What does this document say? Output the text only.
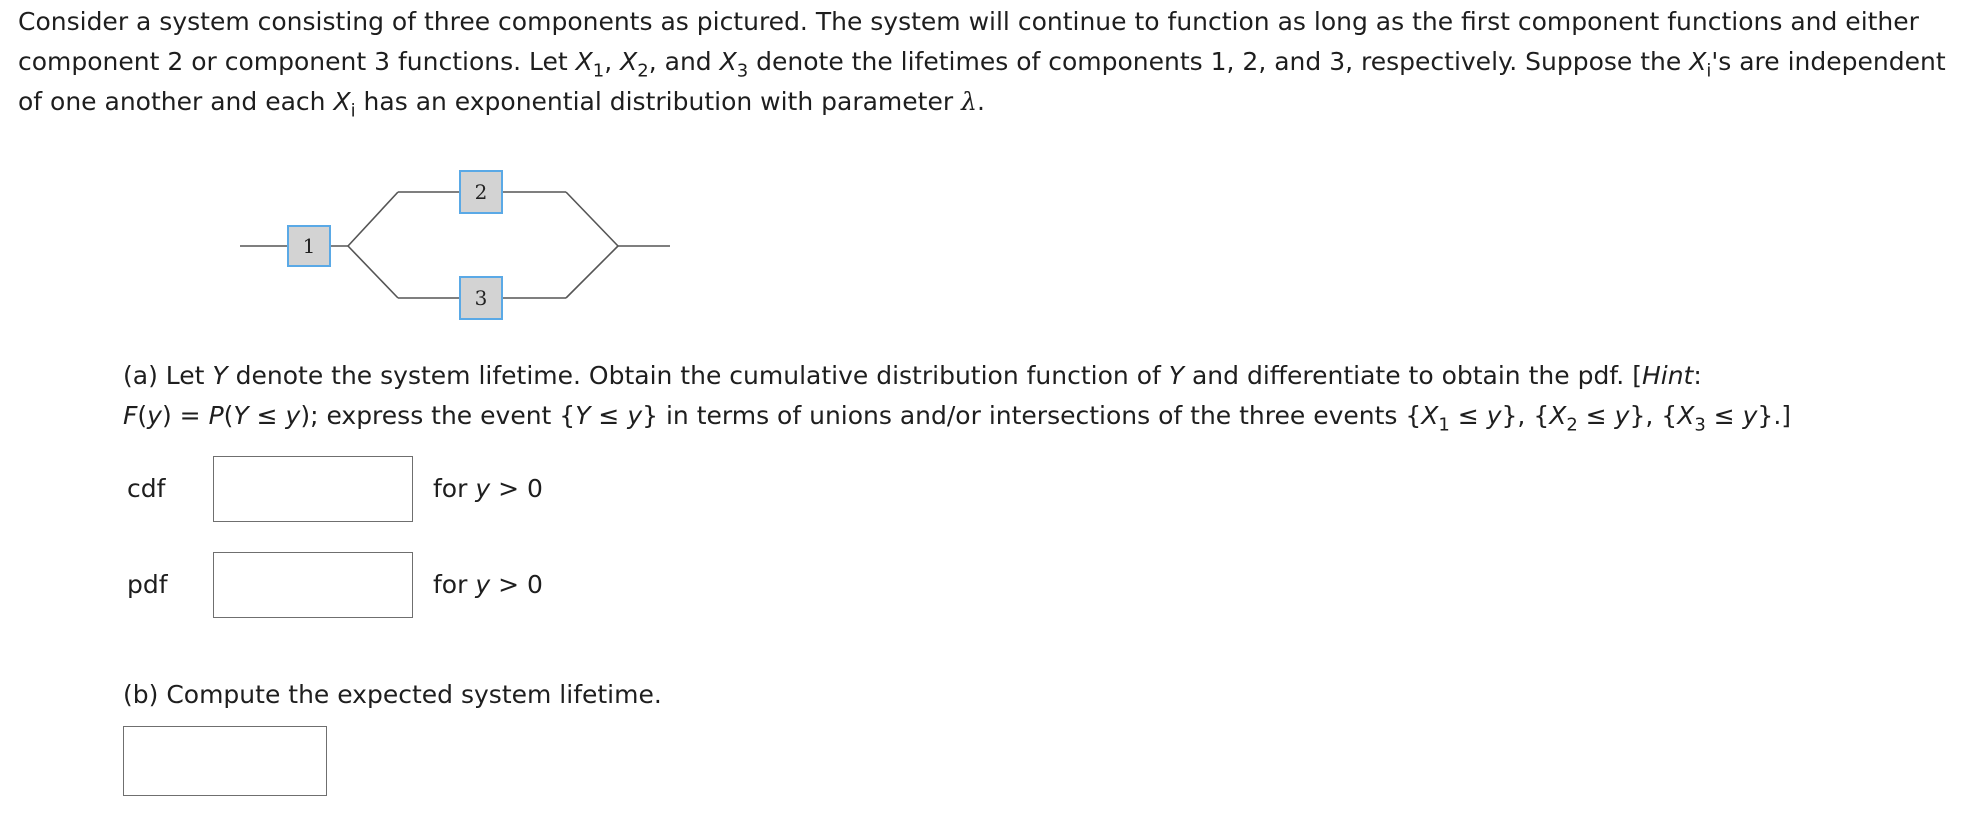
Consider a system consisting of three components as pictured. The system will continue to function as long as the first component functions and either component 2 or component 3 functions. Let $X_1$, $X_2$, and $X_3$ denote the lifetimes of components 1, 2, and 3, respectively. Suppose the $X_i's$ are independent of one another and each $X_i$ has an exponential distribution with parameter λ.

1
2
3

(a) Let Y denote the system lifetime. Obtain the cumulative distribution function of Y and differentiate to obtain the pdf. [Hint:

F(y) = P(Y ≤ y); express the event {Y ≤ y} in terms of unions and/or intersections of the three events $\{X_1 \le y\}$, $\{X_2 \le y\}$, $\{X_3 \le y\}$.]

cdf	for y > 0
pdf	for y > 0
(b) Compute the expected system lifetime.
